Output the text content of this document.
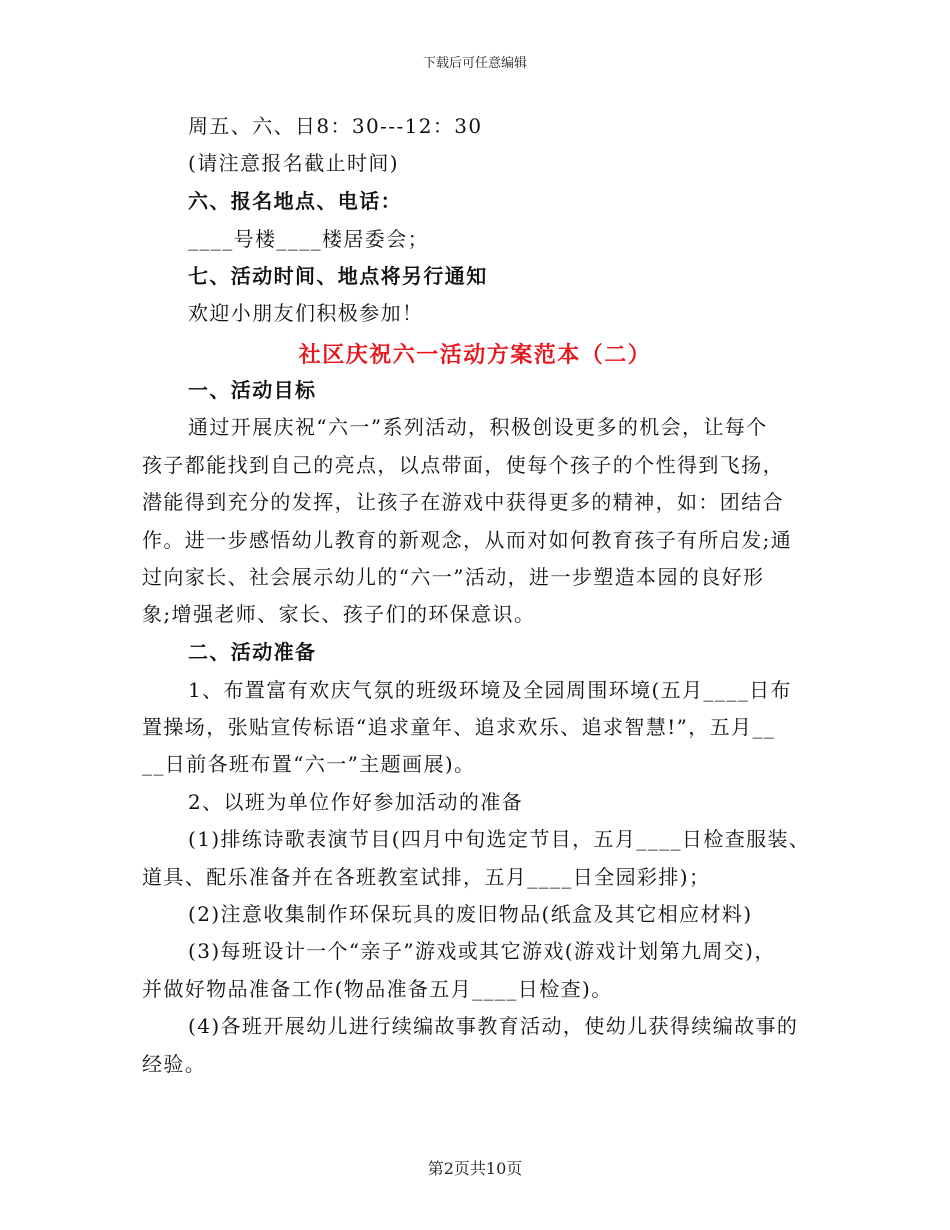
下载后可任意编辑
周五、六、日8：30---12：30
(请注意报名截止时间)
六、报名地点、电话：
____号楼____楼居委会；
七、活动时间、地点将另行通知
欢迎小朋友们积极参加！
社区庆祝六一活动方案范本（二）
一、活动目标
通过开展庆祝“六一”系列活动，积极创设更多的机会，让每个
孩子都能找到自己的亮点，以点带面，使每个孩子的个性得到飞扬，
潜能得到充分的发挥，让孩子在游戏中获得更多的精神，如：团结合
作。进一步感悟幼儿教育的新观念，从而对如何教育孩子有所启发;通
过向家长、社会展示幼儿的“六一”活动，进一步塑造本园的良好形
象;增强老师、家长、孩子们的环保意识。
二、活动准备
1、布置富有欢庆气氛的班级环境及全园周围环境(五月____日布
置操场，张贴宣传标语“追求童年、追求欢乐、追求智慧!”，五月__
__日前各班布置“六一”主题画展)。
2、以班为单位作好参加活动的准备
(1)排练诗歌表演节目(四月中旬选定节目，五月____日检查服装、
道具、配乐准备并在各班教室试排，五月____日全园彩排)；
(2)注意收集制作环保玩具的废旧物品(纸盒及其它相应材料)
(3)每班设计一个“亲子”游戏或其它游戏(游戏计划第九周交)，
并做好物品准备工作(物品准备五月____日检查)。
(4)各班开展幼儿进行续编故事教育活动，使幼儿获得续编故事的
经验。
第2页共10页
